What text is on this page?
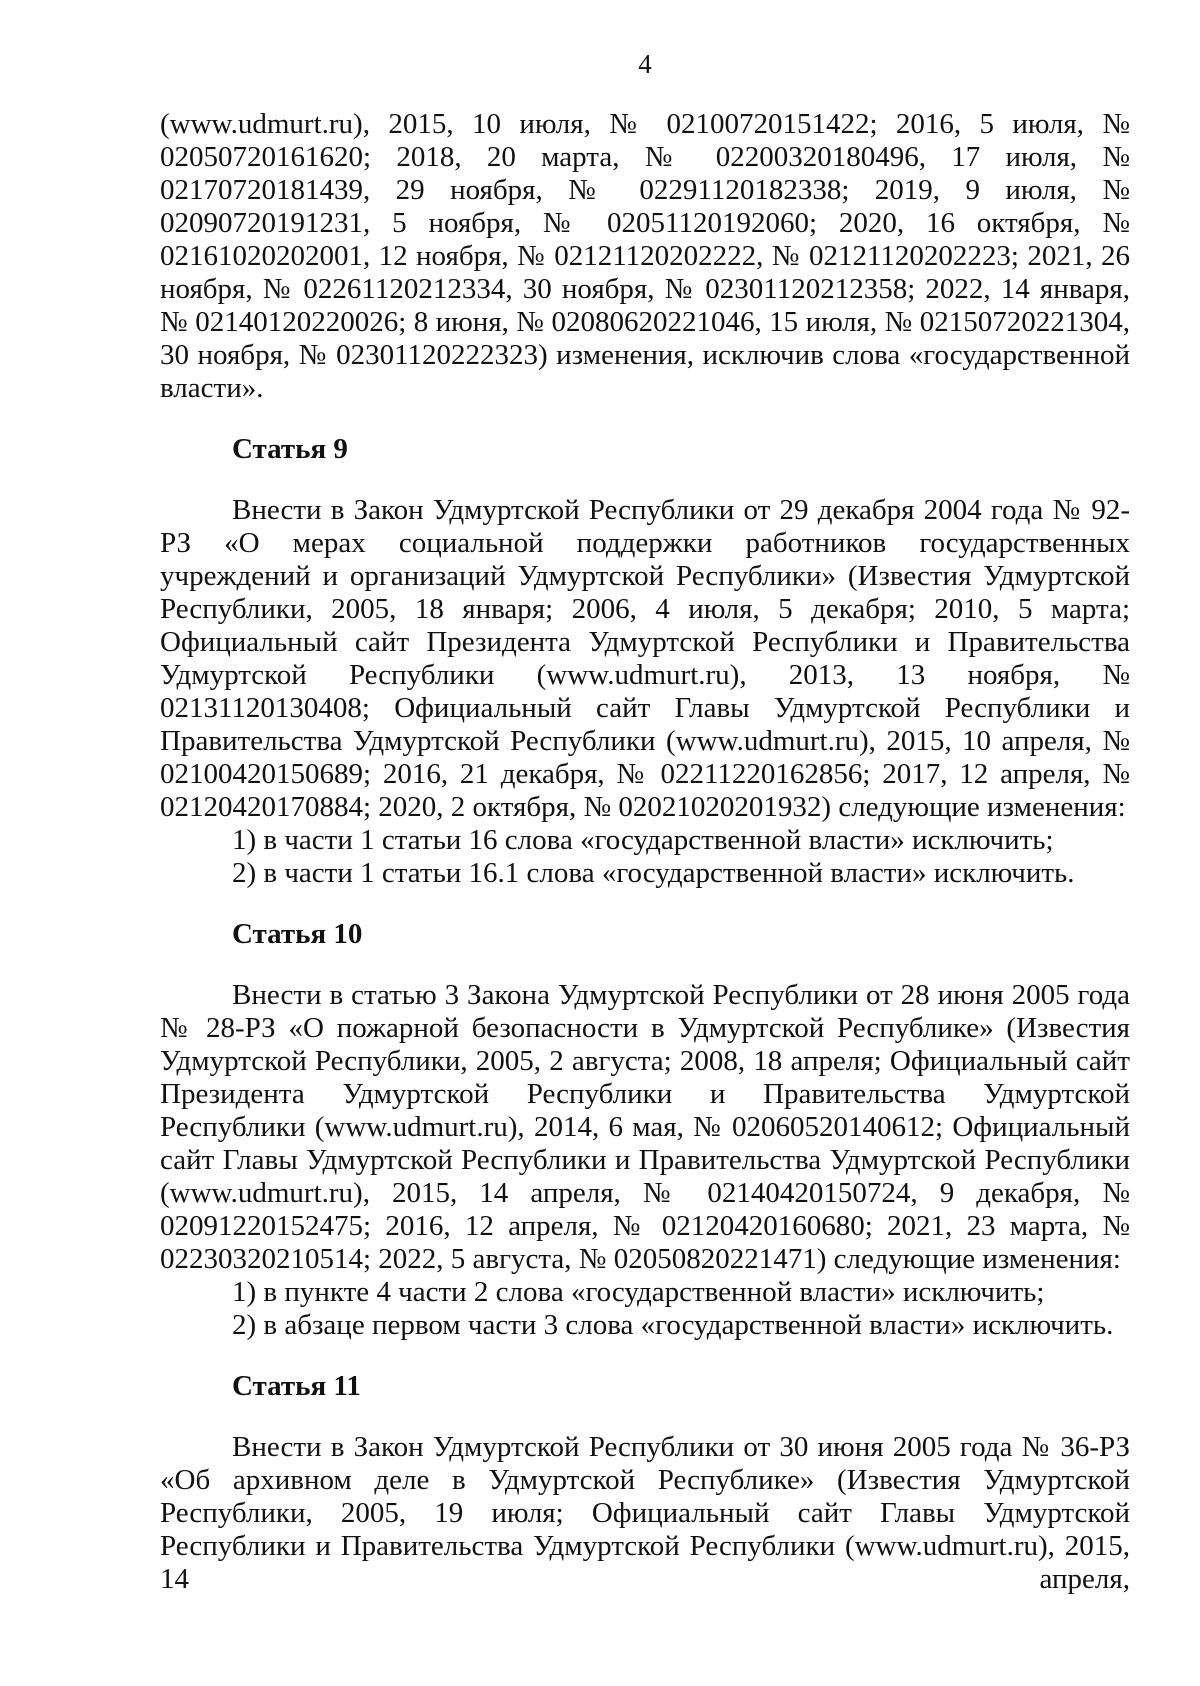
4

(www.udmurt.ru), 2015, 10 июля, № 02100720151422; 2016, 5 июля, № 02050720161620; 2018, 20 марта, № 02200320180496, 17 июля, № 02170720181439, 29 ноября, № 02291120182338; 2019, 9 июля, № 02090720191231, 5 ноября, № 02051120192060; 2020, 16 октября, № 02161020202001, 12 ноября, № 02121120202222, № 02121120202223; 2021, 26 ноября, № 02261120212334, 30 ноября, № 02301120212358; 2022, 14 января, № 02140120220026; 8 июня, № 02080620221046, 15 июля, № 02150720221304, 30 ноября, № 02301120222323) изменения, исключив слова «государственной власти».

Статья 9

Внести в Закон Удмуртской Республики от 29 декабря 2004 года № 92-РЗ «О мерах социальной поддержки работников государственных учреждений и организаций Удмуртской Республики» (Известия Удмуртской Республики, 2005, 18 января; 2006, 4 июля, 5 декабря; 2010, 5 марта; Официальный сайт Президента Удмуртской Республики и Правительства Удмуртской Республики (www.udmurt.ru), 2013, 13 ноября, № 02131120130408; Официальный сайт Главы Удмуртской Республики и Правительства Удмуртской Республики (www.udmurt.ru), 2015, 10 апреля, № 02100420150689; 2016, 21 декабря, № 02211220162856; 2017, 12 апреля, № 02120420170884; 2020, 2 октября, № 02021020201932) следующие изменения:

1) в части 1 статьи 16 слова «государственной власти» исключить;

2) в части 1 статьи 16.1 слова «государственной власти» исключить.

Статья 10

Внести в статью 3 Закона Удмуртской Республики от 28 июня 2005 года № 28-РЗ «О пожарной безопасности в Удмуртской Республике» (Известия Удмуртской Республики, 2005, 2 августа; 2008, 18 апреля; Официальный сайт Президента Удмуртской Республики и Правительства Удмуртской Республики (www.udmurt.ru), 2014, 6 мая, № 02060520140612; Официальный сайт Главы Удмуртской Республики и Правительства Удмуртской Республики (www.udmurt.ru), 2015, 14 апреля, № 02140420150724, 9 декабря, № 02091220152475; 2016, 12 апреля, № 02120420160680; 2021, 23 марта, № 02230320210514; 2022, 5 августа, № 02050820221471) следующие изменения:

1) в пункте 4 части 2 слова «государственной власти» исключить;

2) в абзаце первом части 3 слова «государственной власти» исключить.

Статья 11

Внести в Закон Удмуртской Республики от 30 июня 2005 года № 36-РЗ «Об архивном деле в Удмуртской Республике» (Известия Удмуртской Республики, 2005, 19 июля; Официальный сайт Главы Удмуртской Республики и Правительства Удмуртской Республики (www.udmurt.ru), 2015, 14 апреля,
